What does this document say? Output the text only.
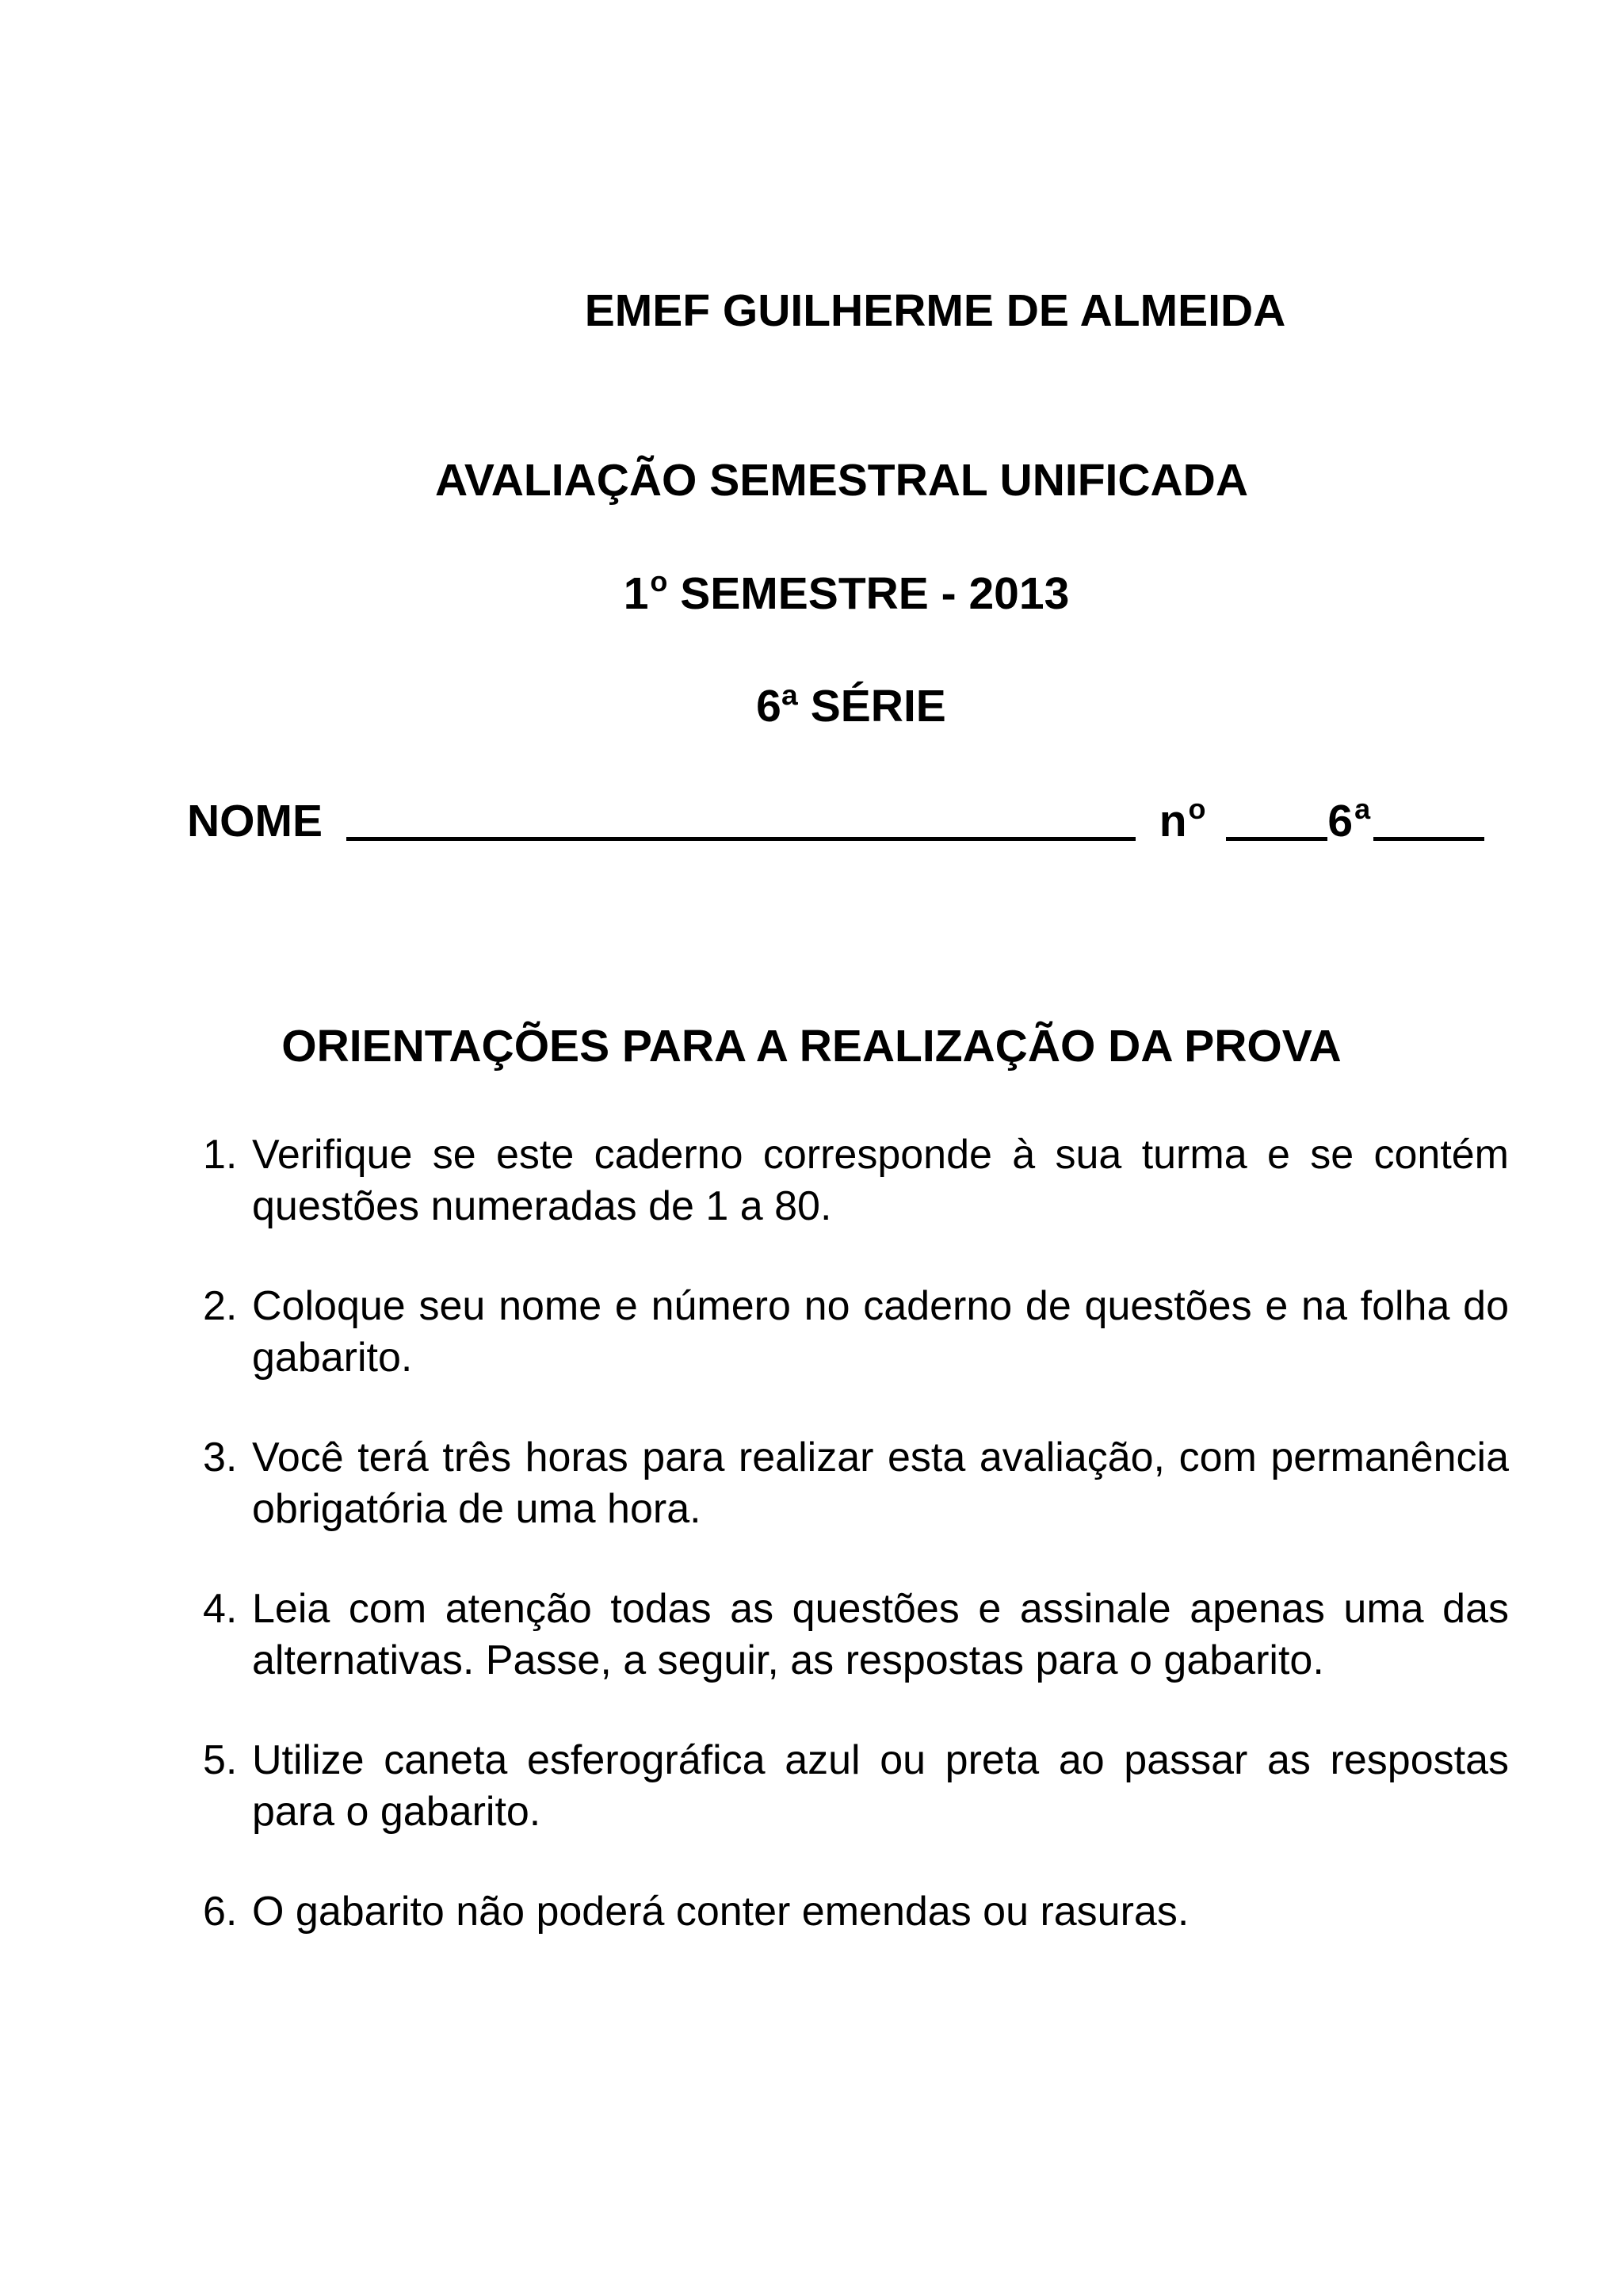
EMEF GUILHERME DE ALMEIDA
AVALIAÇÃO SEMESTRAL UNIFICADA
1$^o$ SEMESTRE - 2013
6ª SÉRIE
NOME	$n^o$	6$^a$
ORIENTAÇÕES PARA A REALIZAÇÃO DA PROVA
1. Verifique se este caderno corresponde à sua turma e se contém questões numeradas de 1 a 80.
2. Coloque seu nome e número no caderno de questões e na folha do gabarito.
3. Você terá três horas para realizar esta avaliação, com permanência obrigatória de uma hora.
4. Leia com atenção todas as questões e assinale apenas uma das alternativas. Passe, a seguir, as respostas para o gabarito.
5. Utilize caneta esferográfica azul ou preta ao passar as respostas para o gabarito.
6. O gabarito não poderá conter emendas ou rasuras.
